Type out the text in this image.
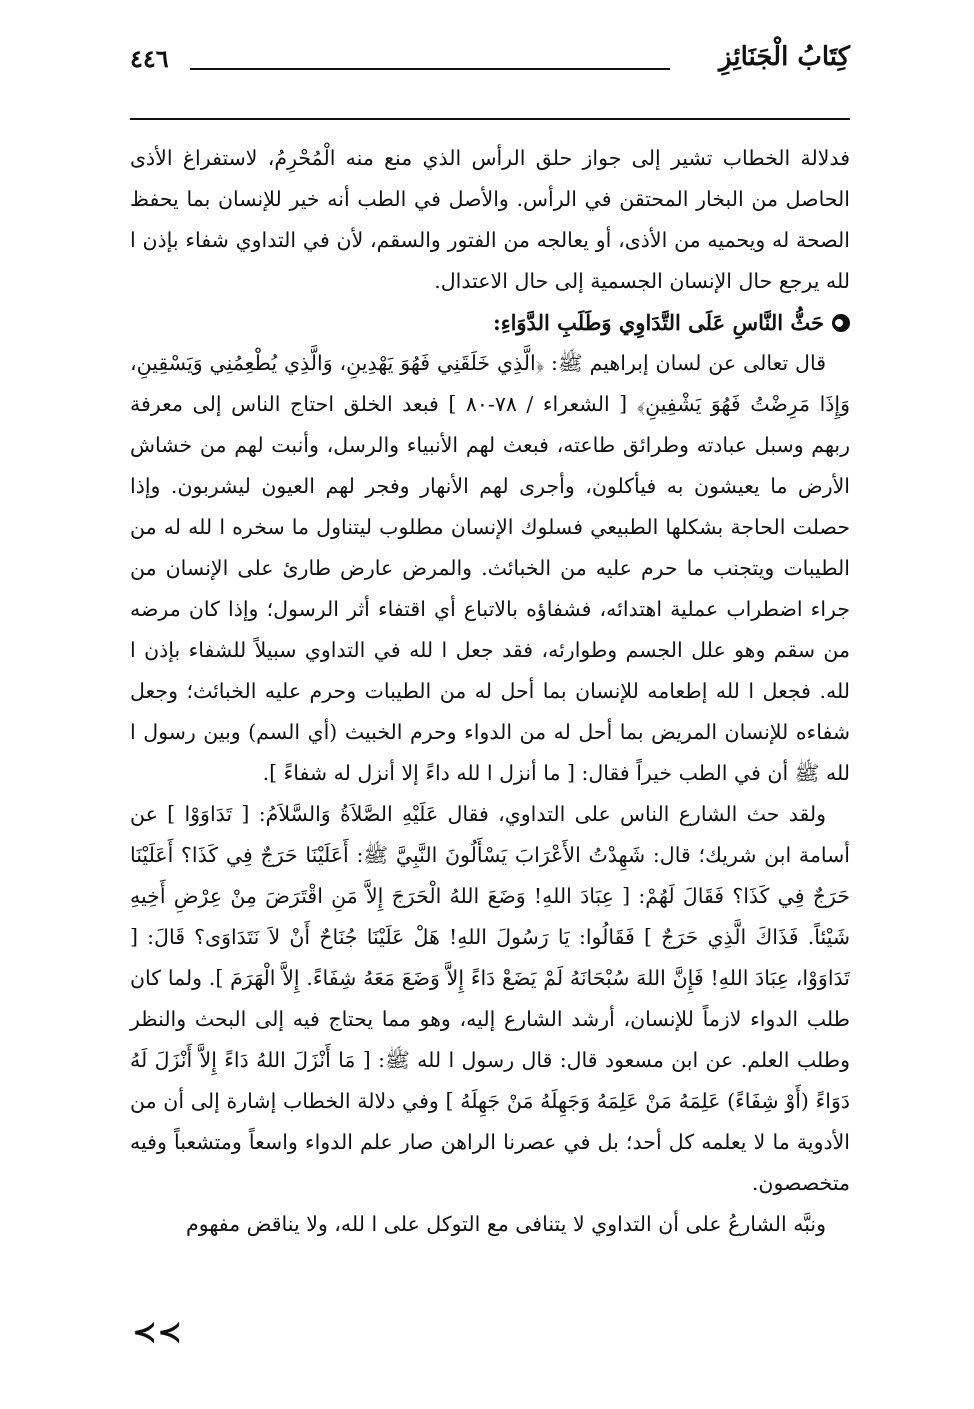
كِتَابُ الْجَنَائِزِ
٤٤٦

فدلالة الخطاب تشير إلى جواز حلق الرأس الذي منع منه الْمُحْرِمُ، لاستفراغ الأذى الحاصل من البخار المحتقن في الرأس. والأصل في الطب أنه خير للإنسان بما يحفظ الصحة له ويحميه من الأذى، أو يعالجه من الفتور والسقم، لأن في التداوي شفاء بإذن ا لله يرجع حال الإنسان الجسمية إلى حال الاعتدال.

حَثُّ النَّاسِ عَلَى التَّدَاوِي وَطَلَبِ الدَّوَاءِ:

قال تعالى عن لسان إبراهيم ﷺ: ﴿الَّذِي خَلَقَنِي فَهُوَ يَهْدِينِ، وَالَّذِي يُطْعِمُنِي وَيَسْقِينِ، وَإِذَا مَرِضْتُ فَهُوَ يَشْفِينِ﴾ [ الشعراء / ٧٨-٨٠ ] فبعد الخلق احتاج الناس إلى معرفة ربهم وسبل عبادته وطرائق طاعته، فبعث لهم الأنبياء والرسل، وأنبت لهم من خشاش الأرض ما يعيشون به فيأكلون، وأجرى لهم الأنهار وفجر لهم العيون ليشربون. وإذا حصلت الحاجة بشكلها الطبيعي فسلوك الإنسان مطلوب ليتناول ما سخره ا لله له من الطيبات ويتجنب ما حرم عليه من الخبائث. والمرض عارض طارئ على الإنسان من جراء اضطراب عملية اهتدائه، فشفاؤه بالاتباع أي اقتفاء أثر الرسول؛ وإذا كان مرضه من سقم وهو علل الجسم وطوارئه، فقد جعل ا لله في التداوي سبيلاً للشفاء بإذن ا لله. فجعل ا لله إطعامه للإنسان بما أحل له من الطيبات وحرم عليه الخبائث؛ وجعل شفاءه للإنسان المريض بما أحل له من الدواء وحرم الخبيث (أي السم) وبين رسول ا لله ﷺ أن في الطب خيراً فقال: [ ما أنزل ا لله داءً إلا أنزل له شفاءً ].

ولقد حث الشارع الناس على التداوي، فقال عَلَيْهِ الصَّلاَةُ وَالسَّلاَمُ: [ تَدَاوَوْا ] عن أسامة ابن شريك؛ قال: شَهِدْتُ الأَعْرَابَ يَسْأَلُونَ النَّبِيَّ ﷺ: أَعَلَيْنَا حَرَجٌ فِي كَذَا؟ أَعَلَيْنَا حَرَجٌ فِي كَذَا؟ فَقَالَ لَهُمْ: [ عِبَادَ اللهِ! وَضَعَ اللهُ الْحَرَجَ إِلاَّ مَنِ اقْتَرَضَ مِنْ عِرْضِ أَخِيهِ شَيْئاً. فَذَاكَ الَّذِي حَرَجٌ ] فَقَالُوا: يَا رَسُولَ اللهِ! هَلْ عَلَيْنَا جُنَاحٌ أَنْ لاَ نَتَدَاوَى؟ قَالَ: [ تَدَاوَوْا، عِبَادَ اللهِ! فَإِنَّ اللهَ سُبْحَانَهُ لَمْ يَضَعْ دَاءً إِلاَّ وَضَعَ مَعَهُ شِفَاءً. إِلاَّ الْهَرَمَ ]. ولما كان طلب الدواء لازماً للإنسان، أرشد الشارع إليه، وهو مما يحتاج فيه إلى البحث والنظر وطلب العلم. عن ابن مسعود قال: قال رسول ا لله ﷺ: [ مَا أَنْزَلَ اللهُ دَاءً إِلاَّ أَنْزَلَ لَهُ دَوَاءً (أَوْ شِفَاءً) عَلِمَهُ مَنْ عَلِمَهُ وَجَهِلَهُ مَنْ جَهِلَهُ ] وفي دلالة الخطاب إشارة إلى أن من الأدوية ما لا يعلمه كل أحد؛ بل في عصرنا الراهن صار علم الدواء واسعاً ومتشعباً وفيه متخصصون.

ونبَّه الشارعُ على أن التداوي لا يتنافى مع التوكل على ا لله، ولا يناقض مفهوم

≺≺
